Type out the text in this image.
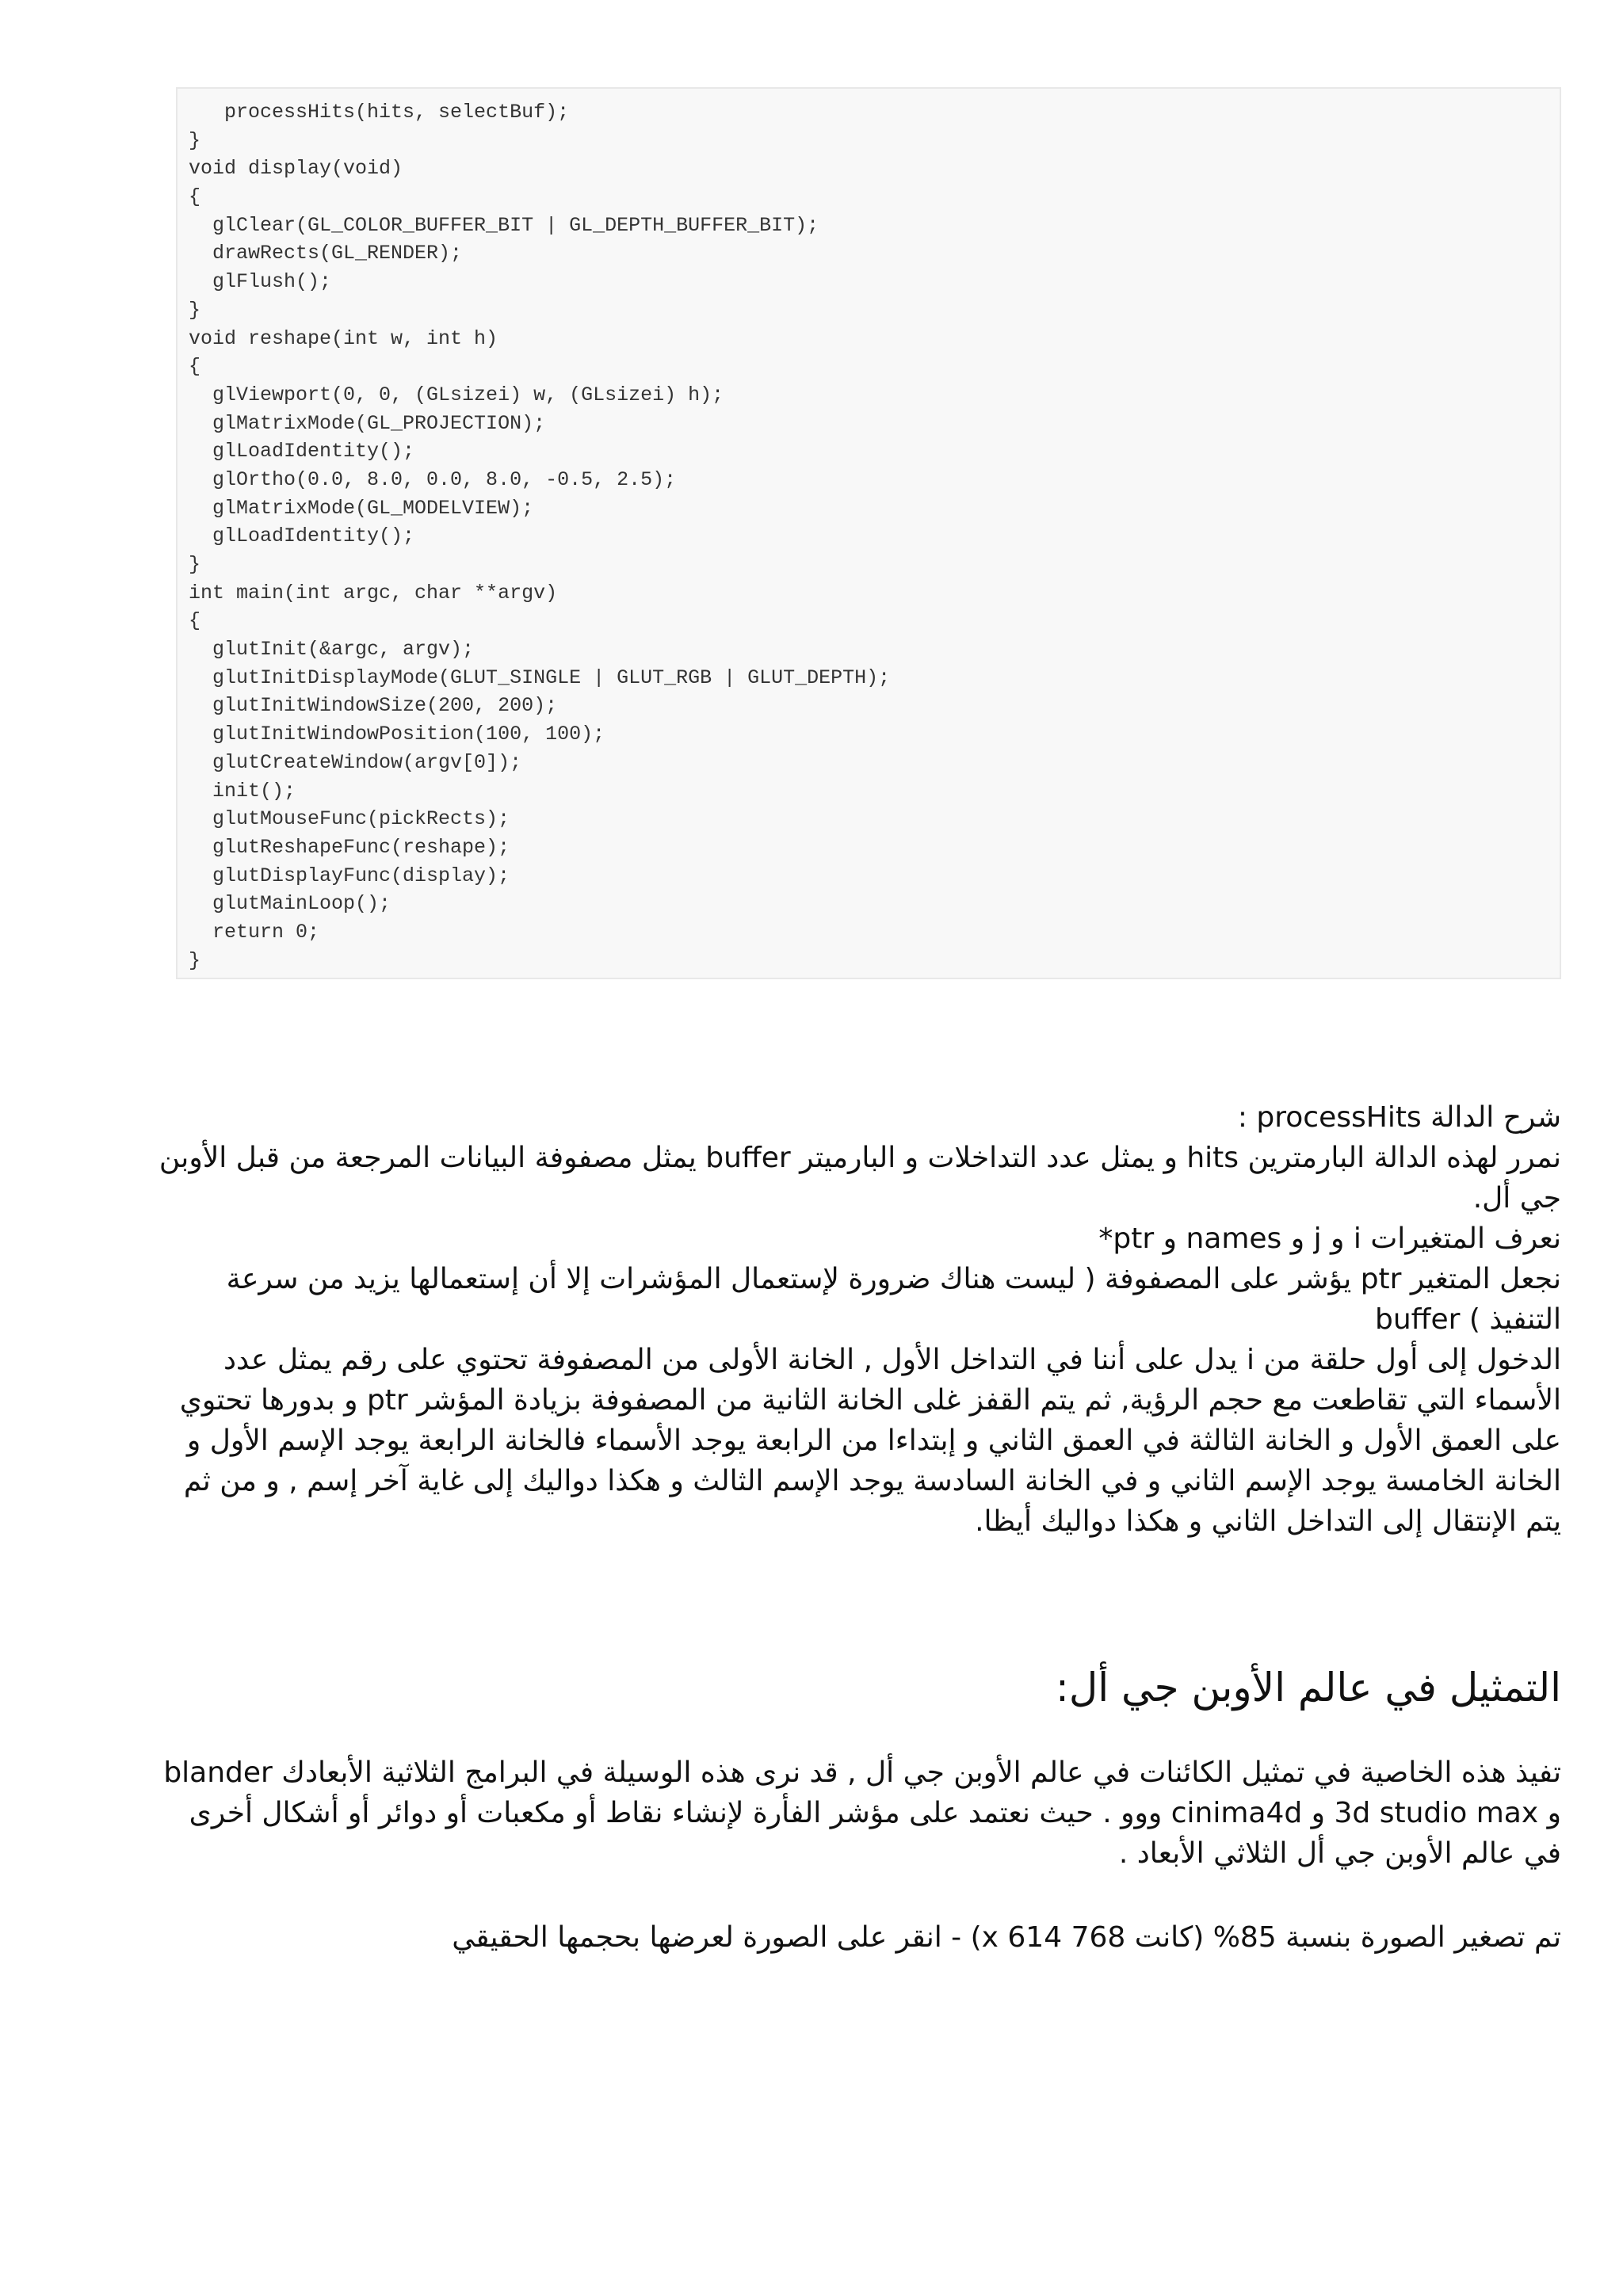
processHits(hits, selectBuf);
}
void display(void)
{
glClear(GL_COLOR_BUFFER_BIT | GL_DEPTH_BUFFER_BIT);
drawRects(GL_RENDER);
glFlush();
}
void reshape(int w, int h)
{
glViewport(0, 0, (GLsizei) w, (GLsizei) h);
glMatrixMode(GL_PROJECTION);
glLoadIdentity();
glOrtho(0.0, 8.0, 0.0, 8.0, -0.5, 2.5);
glMatrixMode(GL_MODELVIEW);
glLoadIdentity();
}
int main(int argc, char **argv)
{
glutInit(&argc, argv);
glutInitDisplayMode(GLUT_SINGLE | GLUT_RGB | GLUT_DEPTH);
glutInitWindowSize(200, 200);
glutInitWindowPosition(100, 100);
glutCreateWindow(argv[0]);
init();
glutMouseFunc(pickRects);
glutReshapeFunc(reshape);
glutDisplayFunc(display);
glutMainLoop();
return 0;
}

شرح الدالة processHits :

نمرر لهذه الدالة البارمترين hits و يمثل عدد التداخلات و البارميتر buffer يمثل مصفوفة البيانات المرجعة من قبل الأوبن جي أل.

نعرف المتغيرات i و j و names و ptr*

نجعل المتغير ptr يؤشر على المصفوفة ( ليست هناك ضرورة لإستعمال المؤشرات إلا أن إستعمالها يزيد من سرعة التنفيذ ) buffer

الدخول إلى أول حلقة من i يدل على أننا في التداخل الأول , الخانة الأولى من المصفوفة تحتوي على رقم يمثل عدد الأسماء التي تقاطعت مع حجم الرؤية, ثم يتم القفز غلى الخانة الثانية من المصفوفة بزيادة المؤشر ptr و بدورها تحتوي على العمق الأول و الخانة الثالثة في العمق الثاني و إبتداءا من الرابعة يوجد الأسماء فالخانة الرابعة يوجد الإسم الأول و الخانة الخامسة يوجد الإسم الثاني و في الخانة السادسة يوجد الإسم الثالث و هكذا دواليك إلى غاية آخر إسم , و من ثم يتم الإنتقال إلى التداخل الثاني و هكذا دواليك أيظا.

التمثيل في عالم الأوبن جي أل:

تفيذ هذه الخاصية في تمثيل الكائنات في عالم الأوبن جي أل , قد نرى هذه الوسيلة في البرامج الثلاثية الأبعادك blander و 3d studio max و cinima4d ووو . حيث نعتمد على مؤشر الفأرة لإنشاء نقاط أو مكعبات أو دوائر أو أشكال أخرى في عالم الأوبن جي أل الثلاثي الأبعاد .

تم تصغير الصورة بنسبة 85% (كانت 768 x 614) - انقر على الصورة لعرضها بحجمها الحقيقي
